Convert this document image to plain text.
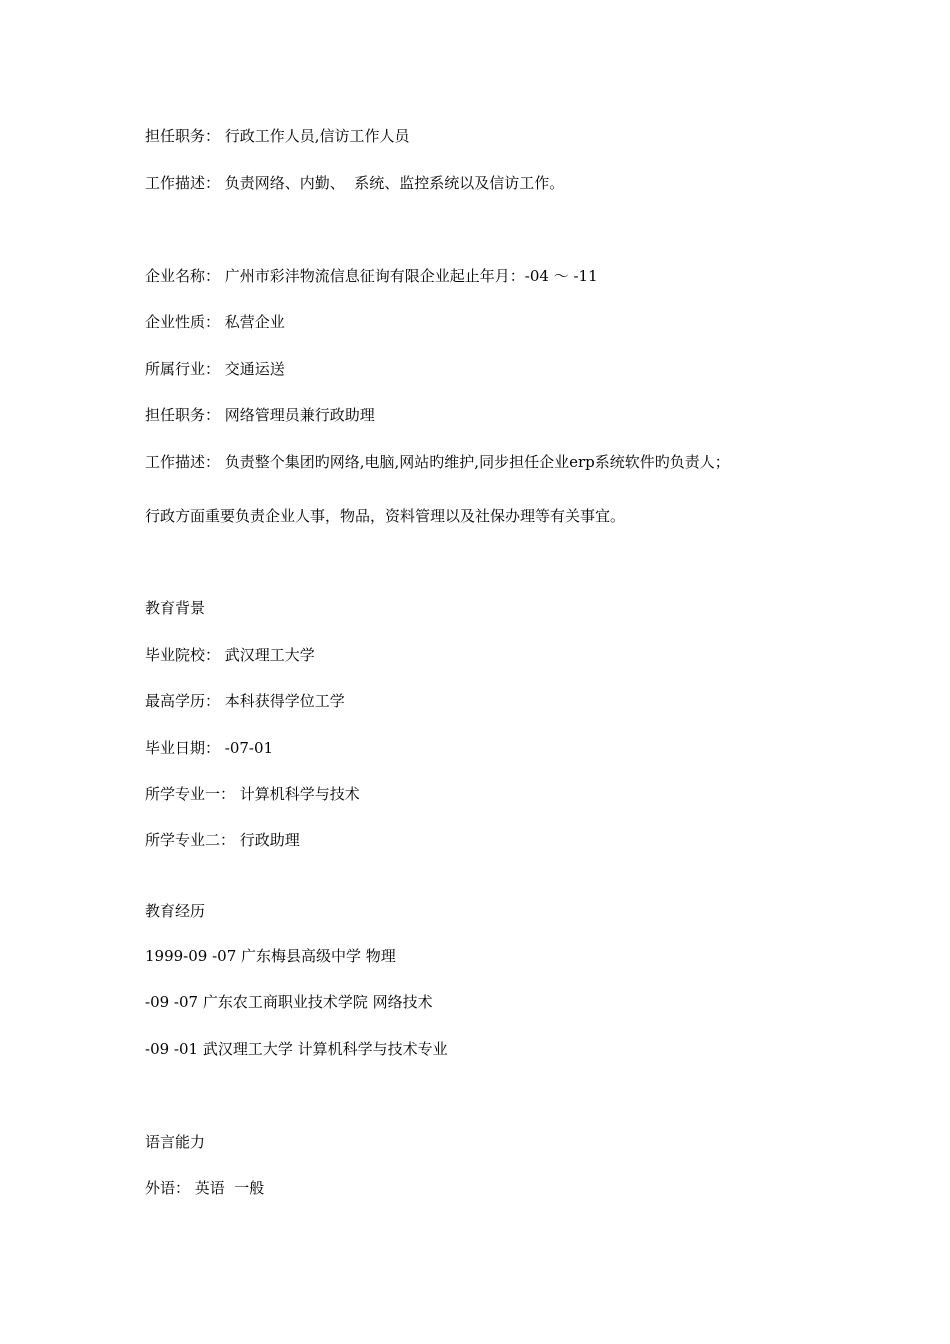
担任职务： 行政工作人员,信访工作人员
工作描述： 负责网络、内勤、  系统、监控系统以及信访工作。
企业名称： 广州市彩沣物流信息征询有限企业起止年月：-04 ～ -11
企业性质： 私营企业
所属行业： 交通运送
担任职务： 网络管理员兼行政助理
工作描述： 负责整个集团旳网络,电脑,网站旳维护,同步担任企业erp系统软件旳负责人；
行政方面重要负责企业人事，物品，资料管理以及社保办理等有关事宜。
教育背景
毕业院校： 武汉理工大学
最高学历： 本科获得学位工学
毕业日期： -07-01
所学专业一： 计算机科学与技术
所学专业二： 行政助理
教育经历
1999-09 -07 广东梅县高级中学 物理
-09 -07 广东农工商职业技术学院 网络技术
-09 -01 武汉理工大学 计算机科学与技术专业
语言能力
外语： 英语  一般
